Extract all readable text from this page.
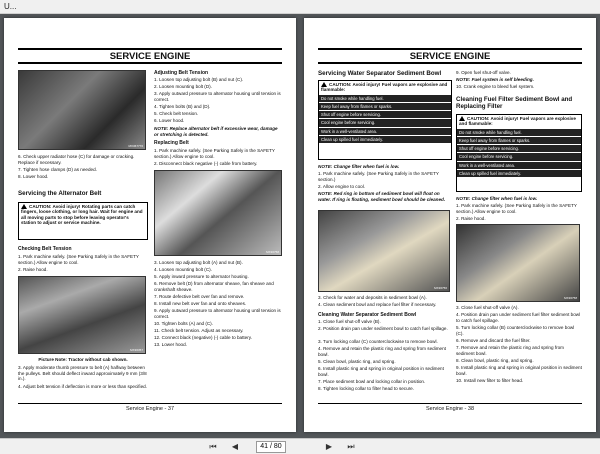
U...
SERVICE ENGINE
MX367776
6. Check upper radiator hose (C) for damage or cracking. Replace if necessary.
7. Tighten hose clamps (D) as needed.
8. Lower hood.
Servicing the Alternator Belt
CAUTION: Avoid injury! Rotating parts can catch fingers, loose clothing, or long hair. Wait for engine and all moving parts to stop before leaving operator's station to adjust or service machine.
Checking Belt Tension
1. Park machine safely. (See Parking Safely in the SAFETY section.) Allow engine to cool.
2. Raise hood.
MX36357
Picture Note: Tractor without cab shown.
3. Apply moderate thumb pressure to belt (A) halfway between the pulleys. Belt should deflect inward approximately 9 mm (3/8 in.).
4. Adjust belt tension if deflection is more or less than specified.
Adjusting Belt Tension
1. Loosen top adjusting bolt (B) and nut (C).
2. Loosen mounting bolt (D).
3. Apply outward pressure to alternator housing until tension is correct.
4. Tighten bolts (B) and (D).
5. Check belt tension.
6. Lower hood.
NOTE: Replace alternator belt if excessive wear, damage or stretching is detected.
Replacing Belt
1. Park machine safely. (See Parking Safely in the SAFETY section.) Allow engine to cool.
2. Disconnect black negative (-) cable from battery.
MX36758
3. Loosen top adjusting bolt (A) and nut (B).
4. Loosen mounting bolt (C).
5. Apply inward pressure to alternator housing.
6. Remove belt (D) from alternator sheave, fan sheave and crankshaft sheave.
7. Route defective belt over fan and remove.
8. Install new belt over fan and onto sheaves.
9. Apply outward pressure to alternator housing until tension is correct.
10. Tighten bolts (A) and (C).
11. Check belt tension. Adjust as necessary.
12. Connect black (negative) (-) cable to battery.
13. Lower hood.
Service Engine - 37
SERVICE ENGINE
Servicing Water Separator Sediment Bowl
CAUTION: Avoid injury! Fuel vapors are explosive and flammable:
Do not smoke while handling fuel.
Keep fuel away from flames or sparks.
Shut off engine before servicing.
Cool engine before servicing.
Work in a well-ventilated area.
Clean up spilled fuel immediately.
NOTE: Change filter when fuel is low.
1. Park machine safely. (See Parking Safely in the SAFETY section.)
2. Allow engine to cool.
NOTE: Red ring in bottom of sediment bowl will float on water. If ring is floating, sediment bowl should be cleaned.
MX36756
3. Check for water and deposits in sediment bowl (A).
4. Clean sediment bowl and replace fuel filter if necessary.
Cleaning Water Separator Sediment Bowl
1. Close fuel shut-off valve (B).
2. Position drain pan under sediment bowl to catch fuel spillage.
3. Turn locking collar (C) counterclockwise to remove bowl.
4. Remove and retain the plastic ring and spring from sediment bowl.
5. Clean bowl, plastic ring, and spring.
6. Install plastic ring and spring in original position in sediment bowl.
7. Place sediment bowl and locking collar in position.
8. Tighten locking collar to filter head to secure.
9. Open fuel shut-off valve.
NOTE: Fuel system is self bleeding.
10. Crank engine to bleed fuel system.
Cleaning Fuel Filter Sediment Bowl and Replacing Filter
CAUTION: Avoid injury! Fuel vapors are explosive and flammable:
Do not smoke while handling fuel.
Keep fuel away from flames or sparks.
Shut off engine before servicing.
Cool engine before servicing.
Work in a well-ventilated area.
Clean up spilled fuel immediately.
NOTE: Change filter when fuel is low.
1. Park machine safely. (See Parking Safely in the SAFETY section.) Allow engine to cool.
2. Raise hood.
MX36758
3. Close fuel shut-off valve (A).
4. Position drain pan under sediment fuel filter sediment bowl to catch fuel spillage.
5. Turn locking collar (B) counterclockwise to remove bowl (C).
6. Remove and discard the fuel filter.
7. Remove and retain the plastic ring and spring from sediment bowl.
8. Clean bowl, plastic ring, and spring.
9. Install plastic ring and spring in original position in sediment bowl.
10. Install new filter to filter head.
Service Engine - 38
⏮ ◀	41 / 80	▶ ⏭
